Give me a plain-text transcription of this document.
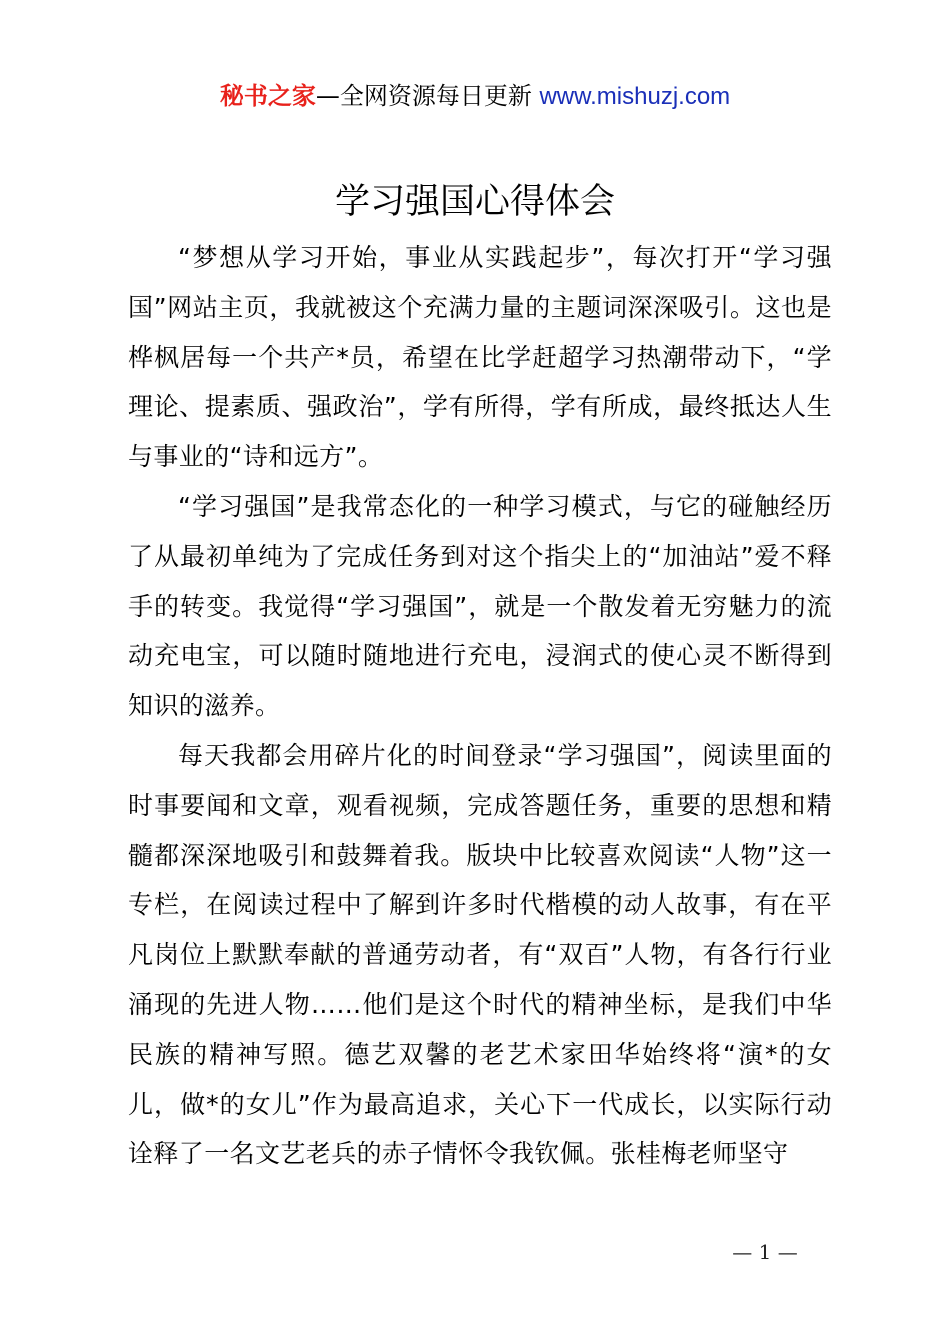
秘书之家—全网资源每日更新 www.mishuzj.com
学习强国心得体会

“梦想从学习开始，事业从实践起步”，每次打开“学习强国”网站主页，我就被这个充满力量的主题词深深吸引。这也是桦枫居每一个共产*员，希望在比学赶超学习热潮带动下，“学理论、提素质、强政治”，学有所得，学有所成，最终抵达人生与事业的“诗和远方”。

“学习强国”是我常态化的一种学习模式，与它的碰触经历了从最初单纯为了完成任务到对这个指尖上的“加油站”爱不释手的转变。我觉得“学习强国”，就是一个散发着无穷魅力的流动充电宝，可以随时随地进行充电，浸润式的使心灵不断得到知识的滋养。

每天我都会用碎片化的时间登录“学习强国”，阅读里面的时事要闻和文章，观看视频，完成答题任务，重要的思想和精髓都深深地吸引和鼓舞着我。版块中比较喜欢阅读“人物”这一专栏，在阅读过程中了解到许多时代楷模的动人故事，有在平凡岗位上默默奉献的普通劳动者，有“双百”人物，有各行行业涌现的先进人物……他们是这个时代的精神坐标，是我们中华民族的精神写照。德艺双馨的老艺术家田华始终将“演*的女儿，做*的女儿”作为最高追求，关心下一代成长，以实际行动诠释了一名文艺老兵的赤子情怀令我钦佩。张桂梅老师坚守

— 1 —
